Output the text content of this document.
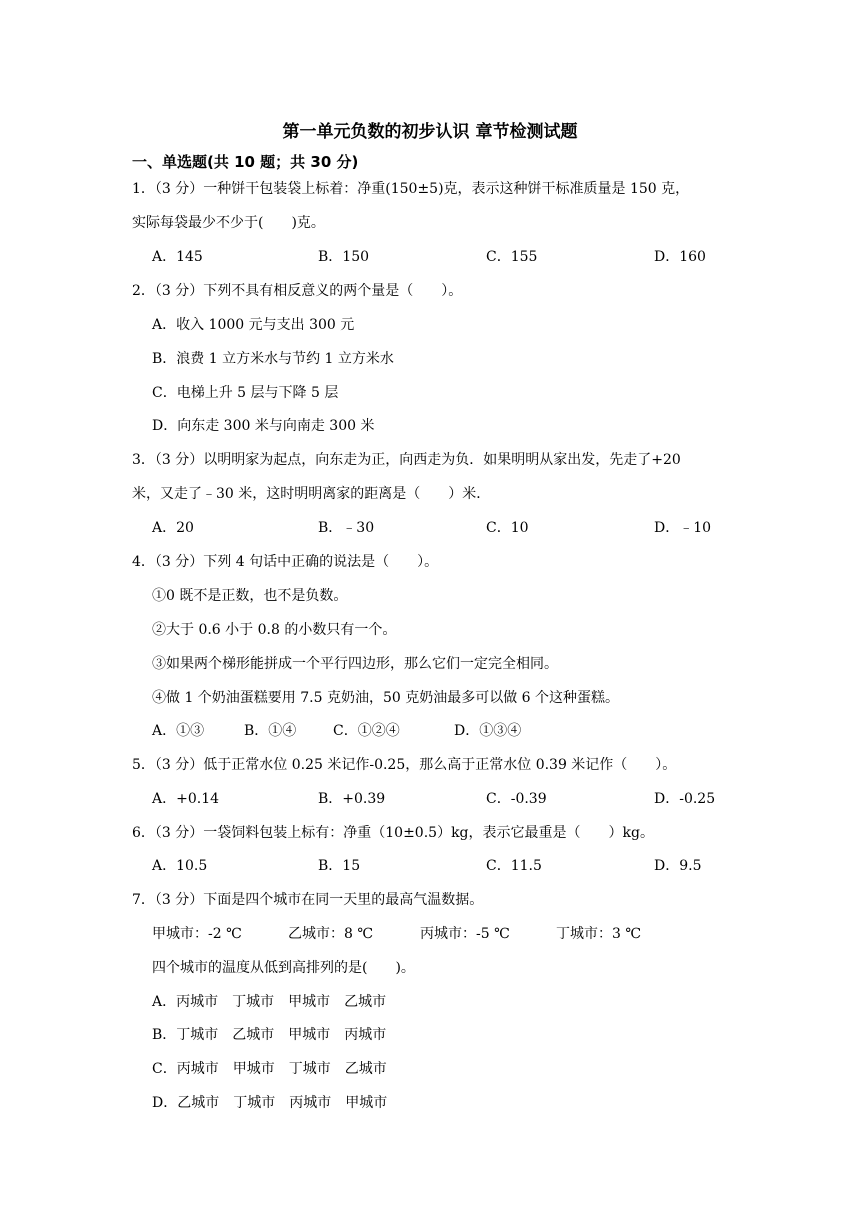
第一单元负数的初步认识 章节检测试题
一、单选题(共 10 题；共 30 分)
1．（3 分）一种饼干包装袋上标着：净重(150±5)克，表示这种饼干标准质量是 150 克，
实际每袋最少不少于(　　)克。
A．145	B．150	C．155	D．160
2．（3 分）下列不具有相反意义的两个量是（　　）。
A．收入 1000 元与支出 300 元
B．浪费 1 立方米水与节约 1 立方米水
C．电梯上升 5 层与下降 5 层
D．向东走 300 米与向南走 300 米
3．（3 分）以明明家为起点，向东走为正，向西走为负．如果明明从家出发，先走了+20
米，又走了﹣30 米，这时明明离家的距离是（　　）米．
A．20	B．﹣30	C．10	D．﹣10
4．（3 分）下列 4 句话中正确的说法是（　　）。
①0 既不是正数，也不是负数。
②大于 0.6 小于 0.8 的小数只有一个。
③如果两个梯形能拼成一个平行四边形，那么它们一定完全相同。
④做 1 个奶油蛋糕要用 7.5 克奶油，50 克奶油最多可以做 6 个这种蛋糕。
A．①③	B．①④	C．①②④	D．①③④
5．（3 分）低于正常水位 0.25 米记作-0.25，那么高于正常水位 0.39 米记作（　　）。
A．+0.14	B．+0.39	C．-0.39	D．-0.25
6．（3 分）一袋饲料包装上标有：净重（10±0.5）kg，表示它最重是（　　）kg。
A．10.5	B．15	C．11.5	D．9.5
7．（3 分）下面是四个城市在同一天里的最高气温数据。
甲城市：-2 ℃	乙城市：8 ℃	丙城市：-5 ℃	丁城市：3 ℃
四个城市的温度从低到高排列的是(　　)。
A．丙城市　丁城市　甲城市　乙城市
B．丁城市　乙城市　甲城市　丙城市
C．丙城市　甲城市　丁城市　乙城市
D．乙城市　丁城市　丙城市　甲城市
